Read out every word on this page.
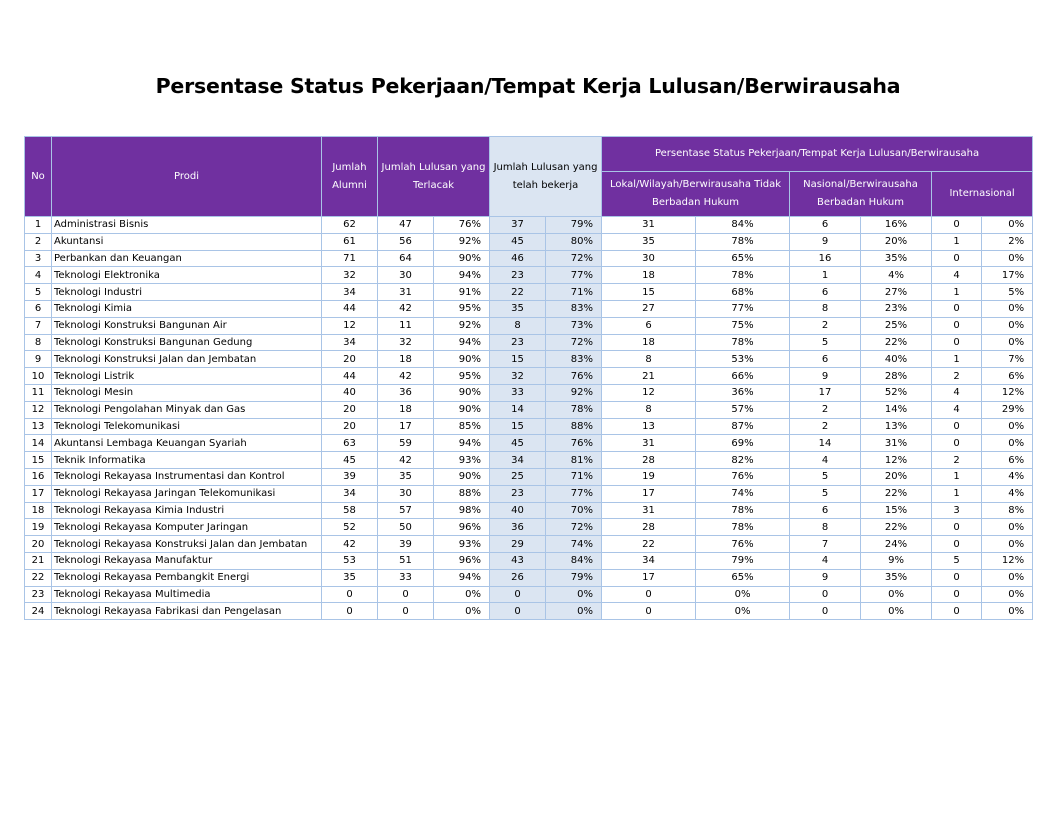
Persentase Status Pekerjaan/Tempat Kerja Lulusan/Berwirausaha
No	Prodi	Jumlah Alumni	Jumlah Lulusan yang Terlacak		Jumlah Lulusan yang telah bekerja		Persentase Status Pekerjaan/Tempat Kerja Lulusan/Berwirausaha					
							Lokal/Wilayah/Berwirausaha Tidak Berbadan Hukum		Nasional/Berwirausaha Berbadan Hukum		Internasional	
1	Administrasi Bisnis	62	47	76%	37	79%	31	84%	6	16%	0	0%
2	Akuntansi	61	56	92%	45	80%	35	78%	9	20%	1	2%
3	Perbankan dan Keuangan	71	64	90%	46	72%	30	65%	16	35%	0	0%
4	Teknologi Elektronika	32	30	94%	23	77%	18	78%	1	4%	4	17%
5	Teknologi Industri	34	31	91%	22	71%	15	68%	6	27%	1	5%
6	Teknologi Kimia	44	42	95%	35	83%	27	77%	8	23%	0	0%
7	Teknologi Konstruksi Bangunan Air	12	11	92%	8	73%	6	75%	2	25%	0	0%
8	Teknologi Konstruksi Bangunan Gedung	34	32	94%	23	72%	18	78%	5	22%	0	0%
9	Teknologi Konstruksi Jalan dan Jembatan	20	18	90%	15	83%	8	53%	6	40%	1	7%
10	Teknologi Listrik	44	42	95%	32	76%	21	66%	9	28%	2	6%
11	Teknologi Mesin	40	36	90%	33	92%	12	36%	17	52%	4	12%
12	Teknologi Pengolahan Minyak dan Gas	20	18	90%	14	78%	8	57%	2	14%	4	29%
13	Teknologi Telekomunikasi	20	17	85%	15	88%	13	87%	2	13%	0	0%
14	Akuntansi Lembaga Keuangan Syariah	63	59	94%	45	76%	31	69%	14	31%	0	0%
15	Teknik Informatika	45	42	93%	34	81%	28	82%	4	12%	2	6%
16	Teknologi Rekayasa Instrumentasi dan Kontrol	39	35	90%	25	71%	19	76%	5	20%	1	4%
17	Teknologi Rekayasa Jaringan Telekomunikasi	34	30	88%	23	77%	17	74%	5	22%	1	4%
18	Teknologi Rekayasa Kimia Industri	58	57	98%	40	70%	31	78%	6	15%	3	8%
19	Teknologi Rekayasa Komputer Jaringan	52	50	96%	36	72%	28	78%	8	22%	0	0%
20	Teknologi Rekayasa Konstruksi Jalan dan Jembatan	42	39	93%	29	74%	22	76%	7	24%	0	0%
21	Teknologi Rekayasa Manufaktur	53	51	96%	43	84%	34	79%	4	9%	5	12%
22	Teknologi Rekayasa Pembangkit Energi	35	33	94%	26	79%	17	65%	9	35%	0	0%
23	Teknologi Rekayasa Multimedia	0	0	0%	0	0%	0	0%	0	0%	0	0%
24	Teknologi Rekayasa Fabrikasi dan Pengelasan	0	0	0%	0	0%	0	0%	0	0%	0	0%
